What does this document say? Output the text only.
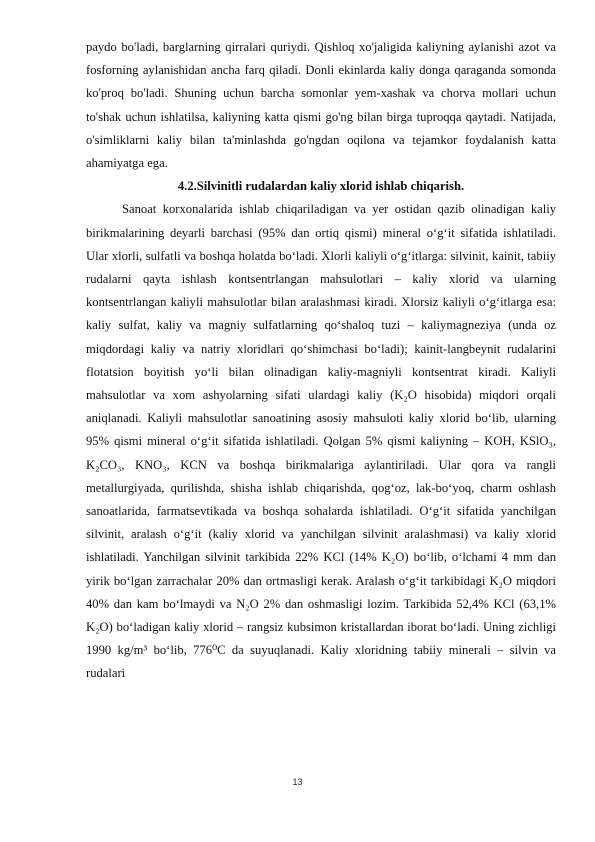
paydo bo'ladi, barglarning qirralari quriydi. Qishloq xo'jaligida kaliyning aylanishi azot va fosforning aylanishidan ancha farq qiladi. Donli ekinlarda kaliy donga qaraganda somonda ko'proq bo'ladi. Shuning uchun barcha somonlar yem-xashak va chorva mollari uchun to'shak uchun ishlatilsa, kaliyning katta qismi go'ng bilan birga tuproqqa qaytadi. Natijada, o'simliklarni kaliy bilan ta'minlashda go'ngdan oqilona va tejamkor foydalanish katta ahamiyatga ega.

4.2.Silvinitli rudalardan kaliy xlorid ishlab chiqarish.

Sanoat korxonalarida ishlab chiqariladigan va yer ostidan qazib olinadigan kaliy birikmalarining deyarli barchasi (95% dan ortiq qismi) mineral o‘g‘it sifatida ishlatiladi. Ular xlorli, sulfatli va boshqa holatda bo‘ladi. Xlorli kaliyli o‘g‘itlarga: silvinit, kainit, tabiiy rudalarni qayta ishlash kontsentrlangan mahsulotlari – kaliy xlorid va ularning kontsentrlangan kaliyli mahsulotlar bilan aralashmasi kiradi. Xlorsiz kaliyli o‘g‘itlarga esa: kaliy sulfat, kaliy va magniy sulfatlarning qo‘shaloq tuzi – kaliymagneziya (unda oz miqdordagi kaliy va natriy xloridlari qo‘shimchasi bo‘ladi); kainit-langbeynit rudalarini flotatsion boyitish yo‘li bilan olinadigan kaliy-magniyli kontsentrat kiradi. Kaliyli mahsulotlar va xom ashyolarning sifati ulardagi kaliy (K₂O hisobida) miqdori orqali aniqlanadi. Kaliyli mahsulotlar sanoatining asosiy mahsuloti kaliy xlorid bo‘lib, ularning 95% qismi mineral o‘g‘it sifatida ishlatiladi. Qolgan 5% qismi kaliyning – KOH, KSlO₃, K₂CO₃, KNO₃, KCN va boshqa birikmalariga aylantiriladi. Ular qora va rangli metallurgiyada, qurilishda, shisha ishlab chiqarishda, qog‘oz, lak-bo‘yoq, charm oshlash sanoatlarida, farmatsevtikada va boshqa sohalarda ishlatiladi. O‘g‘it sifatida yanchilgan silvinit, aralash o‘g‘it (kaliy xlorid va yanchilgan silvinit aralashmasi) va kaliy xlorid ishlatiladi. Yanchilgan silvinit tarkibida 22% KCl (14% K₂O) bo‘lib, o‘lchami 4 mm dan yirik bo‘lgan zarrachalar 20% dan ortmasligi kerak. Aralash o‘g‘it tarkibidagi K₂O miqdori 40% dan kam bo‘lmaydi va N₂O 2% dan oshmasligi lozim. Tarkibida 52,4% KCl (63,1% K₂O) bo‘ladigan kaliy xlorid – rangsiz kubsimon kristallardan iborat bo‘ladi. Uning zichligi 1990 kg/m³ bo‘lib, 776⁰C da suyuqlanadi. Kaliy xloridning tabiiy minerali – silvin va rudalari

13
